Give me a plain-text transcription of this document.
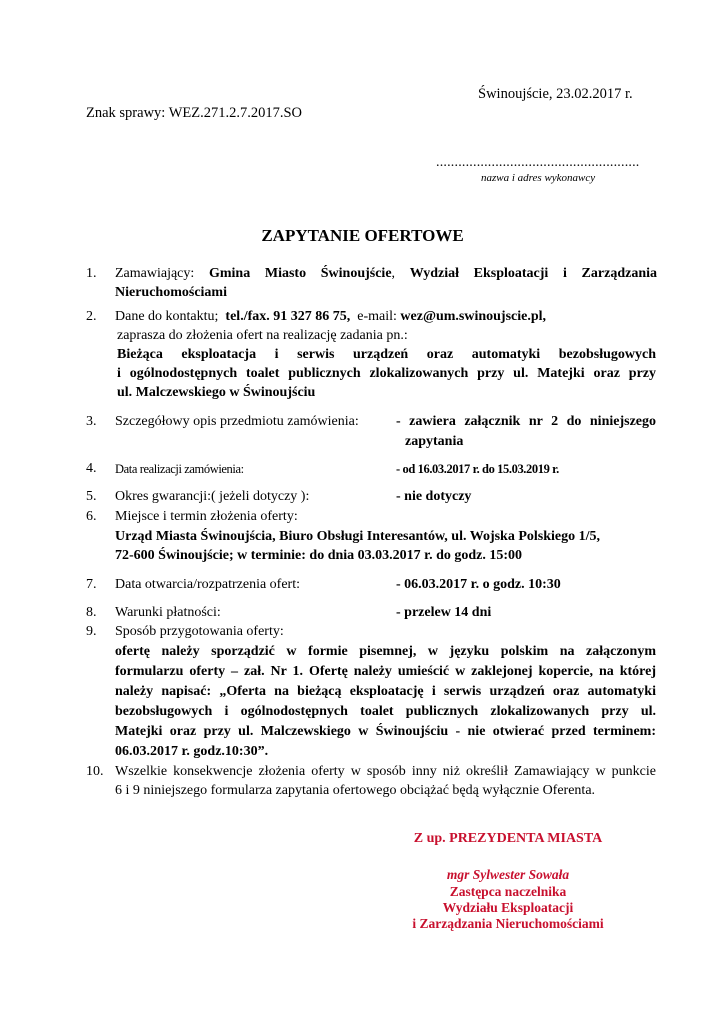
Świnoujście, 23.02.2017 r.
Znak sprawy: WEZ.271.2.7.2017.SO
.......................................................
nazwa i adres wykonawcy
ZAPYTANIE OFERTOWE
1. Zamawiający: Gmina Miasto Świnoujście, Wydział Eksploatacji i Zarządzania
Nieruchomościami
2. Dane do kontaktu; tel./fax. 91 327 86 75, e-mail: wez@um.swinoujscie.pl,
zaprasza do złożenia ofert na realizację zadania pn.:
Bieżąca eksploatacja i serwis urządzeń oraz automatyki bezobsługowych
i ogólnodostępnych toalet publicznych zlokalizowanych przy ul. Matejki oraz przy
ul. Malczewskiego w Świnoujściu
3. Szczegółowy opis przedmiotu zamówienia:	- zawiera załącznik nr 2 do niniejszego
zapytania
4. Data realizacji zamówienia:	- od 16.03.2017 r. do 15.03.2019 r.
5. Okres gwarancji:( jeżeli dotyczy ):	- nie dotyczy
6. Miejsce i termin złożenia oferty:
Urząd Miasta Świnoujścia, Biuro Obsługi Interesantów, ul. Wojska Polskiego 1/5,
72-600 Świnoujście; w terminie: do dnia 03.03.2017 r. do godz. 15:00
7. Data otwarcia/rozpatrzenia ofert:	- 06.03.2017 r. o godz. 10:30
8. Warunki płatności:	- przelew 14 dni
9. Sposób przygotowania oferty:
ofertę należy sporządzić w formie pisemnej, w języku polskim na załączonym
formularzu oferty – zał. Nr 1. Ofertę należy umieścić w zaklejonej kopercie, na której
należy napisać: „Oferta na bieżącą eksploatację i serwis urządzeń oraz automatyki
bezobsługowych i ogólnodostępnych toalet publicznych zlokalizowanych przy ul.
Matejki oraz przy ul. Malczewskiego w Świnoujściu - nie otwierać przed terminem:
06.03.2017 r. godz.10:30”.
10. Wszelkie konsekwencje złożenia oferty w sposób inny niż określił Zamawiający w punkcie
6 i 9 niniejszego formularza zapytania ofertowego obciążać będą wyłącznie Oferenta.
Z up. PREZYDENTA MIASTA
mgr Sylwester Sowała
Zastępca naczelnika
Wydziału Eksploatacji
i Zarządzania Nieruchomościami
